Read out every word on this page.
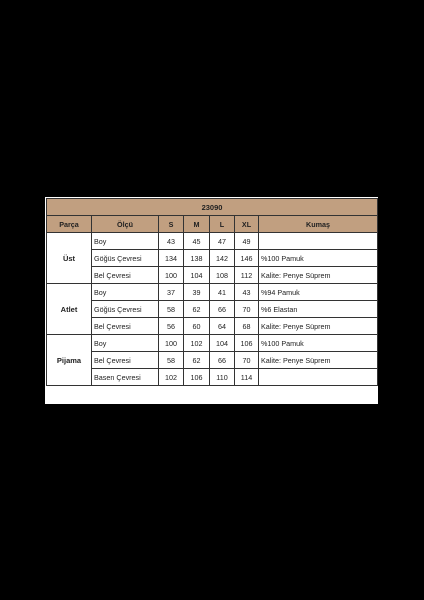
23090						
Parça	Ölçü	S	M	L	XL	Kumaş
Üst	Boy	43	45	47	49	
	Göğüs Çevresi	134	138	142	146	%100 Pamuk
	Bel Çevresi	100	104	108	112	Kalite: Penye Süprem
Atlet	Boy	37	39	41	43	%94 Pamuk
	Göğüs Çevresi	58	62	66	70	%6 Elastan
	Bel Çevresi	56	60	64	68	Kalite: Penye Süprem
Pijama	Boy	100	102	104	106	%100 Pamuk
	Bel Çevresi	58	62	66	70	Kalite: Penye Süprem
	Basen Çevresi	102	106	110	114	
